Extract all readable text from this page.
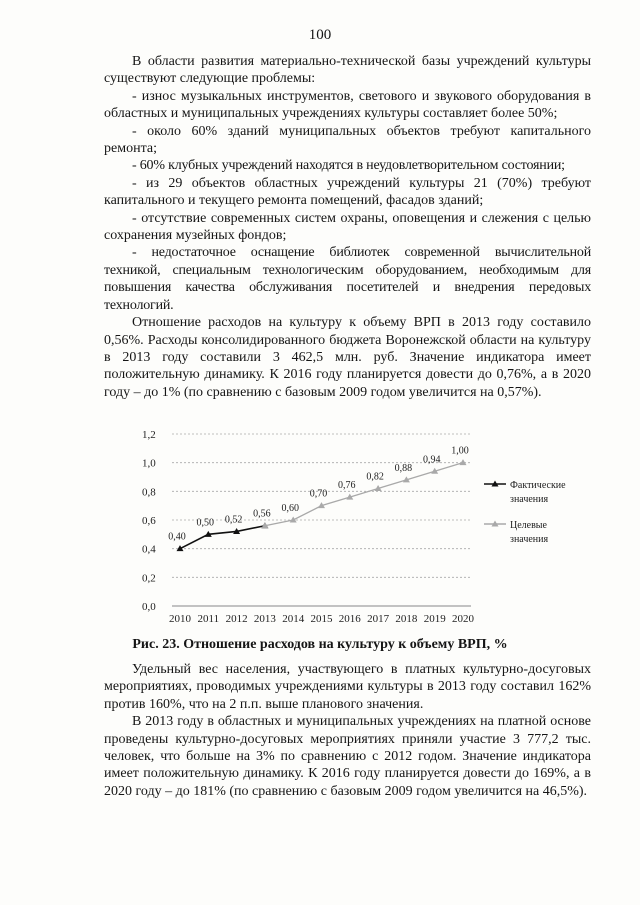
100

В области развития материально-технической базы учреждений культуры существуют следующие проблемы:

- износ музыкальных инструментов, светового и звукового оборудования в областных и муниципальных учреждениях культуры составляет более 50%;

- около 60% зданий муниципальных объектов требуют капитального ремонта;

- 60% клубных учреждений находятся в неудовлетворительном состоянии;

- из 29 объектов областных учреждений культуры 21 (70%) требуют капитального и текущего ремонта помещений, фасадов зданий;

- отсутствие современных систем охраны, оповещения и слежения с целью сохранения музейных фондов;

- недостаточное оснащение библиотек современной вычислительной техникой, специальным технологическим оборудованием, необходимым для повышения качества обслуживания посетителей и внедрения передовых технологий.

Отношение расходов на культуру к объему ВРП в 2013 году составило 0,56%. Расходы консолидированного бюджета Воронежской области на культуру в 2013 году составили 3 462,5 млн. руб. Значение индикатора имеет положительную динамику. К 2016 году планируется довести до 0,76%, а в 2020 году – до 1% (по сравнению с базовым 2009 годом увеличится на 0,57%).

0,0
0,2
0,4
0,6
0,8
1,0
1,2
2010 2011 2012 2013 2014 2015 2016 2017 2018 2019 2020
0,40
0,50 0,52
0,56
0,60
0,70
0,76
0,82
0,88
0,94
1,00
Фактические
значения
Целевые
значения
Рис. 23. Отношение расходов на культуру к объему ВРП, %

Удельный вес населения, участвующего в платных культурно-досуговых мероприятиях, проводимых учреждениями культуры в 2013 году составил 162% против 160%, что на 2 п.п. выше планового значения.

В 2013 году в областных и муниципальных учреждениях на платной основе проведены культурно-досуговых мероприятиях приняли участие 3 777,2 тыс. человек, что больше на 3% по сравнению с 2012 годом. Значение индикатора имеет положительную динамику. К 2016 году планируется довести до 169%, а в 2020 году – до 181% (по сравнению с базовым 2009 годом увеличится на 46,5%).
